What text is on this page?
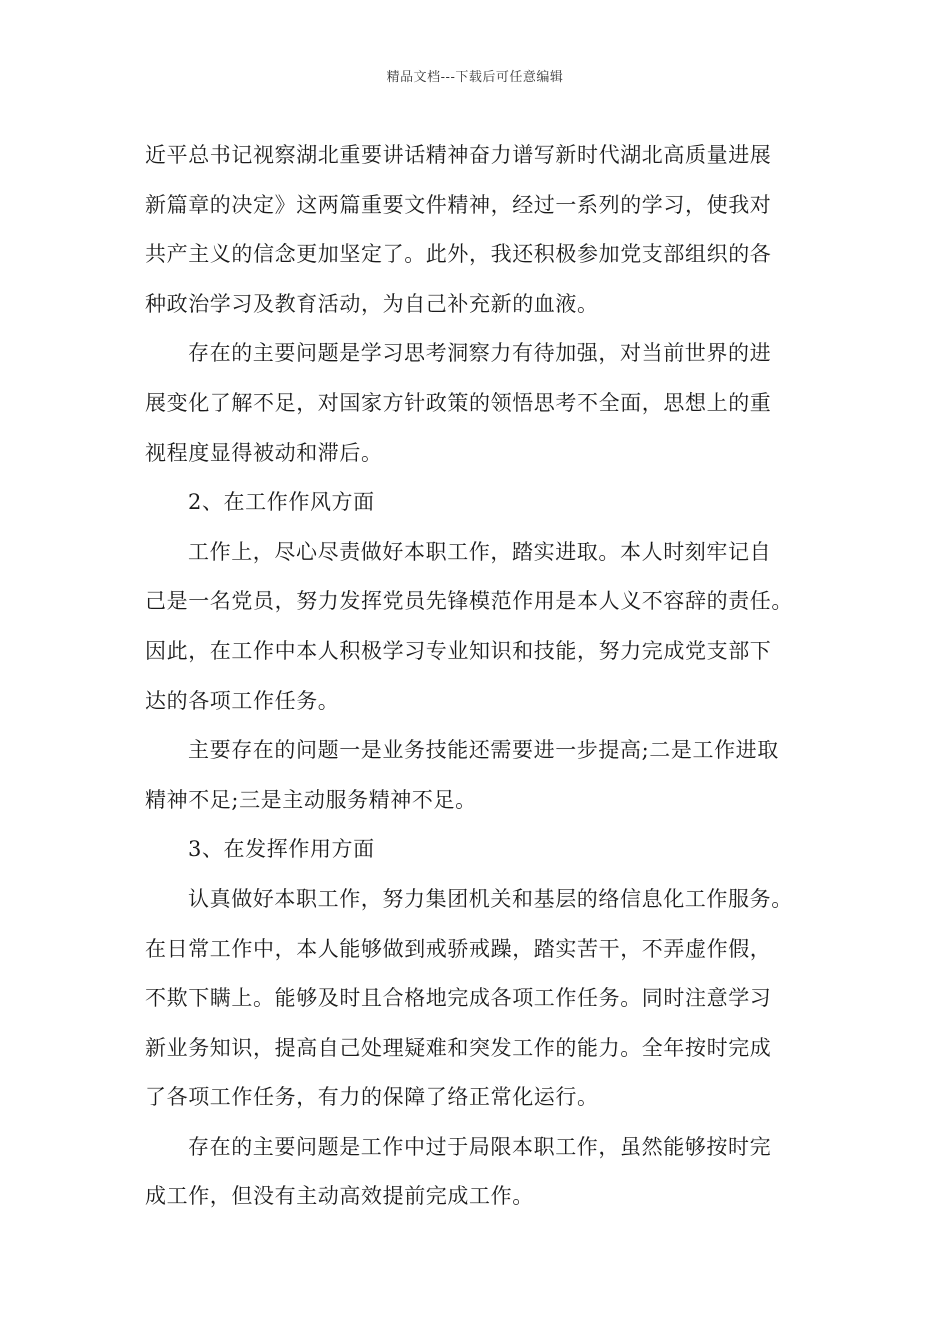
精品文档---下载后可任意编辑
近平总书记视察湖北重要讲话精神奋力谱写新时代湖北高质量进展
新篇章的决定》这两篇重要文件精神，经过一系列的学习，使我对
共产主义的信念更加坚定了。此外，我还积极参加党支部组织的各
种政治学习及教育活动，为自己补充新的血液。
存在的主要问题是学习思考洞察力有待加强，对当前世界的进
展变化了解不足，对国家方针政策的领悟思考不全面，思想上的重
视程度显得被动和滞后。
2、在工作作风方面
工作上，尽心尽责做好本职工作，踏实进取。本人时刻牢记自
己是一名党员，努力发挥党员先锋模范作用是本人义不容辞的责任。
因此，在工作中本人积极学习专业知识和技能，努力完成党支部下
达的各项工作任务。
主要存在的问题一是业务技能还需要进一步提高;二是工作进取
精神不足;三是主动服务精神不足。
3、在发挥作用方面
认真做好本职工作，努力集团机关和基层的络信息化工作服务。
在日常工作中，本人能够做到戒骄戒躁，踏实苦干，不弄虚作假，
不欺下瞒上。能够及时且合格地完成各项工作任务。同时注意学习
新业务知识，提高自己处理疑难和突发工作的能力。全年按时完成
了各项工作任务，有力的保障了络正常化运行。
存在的主要问题是工作中过于局限本职工作，虽然能够按时完
成工作，但没有主动高效提前完成工作。
